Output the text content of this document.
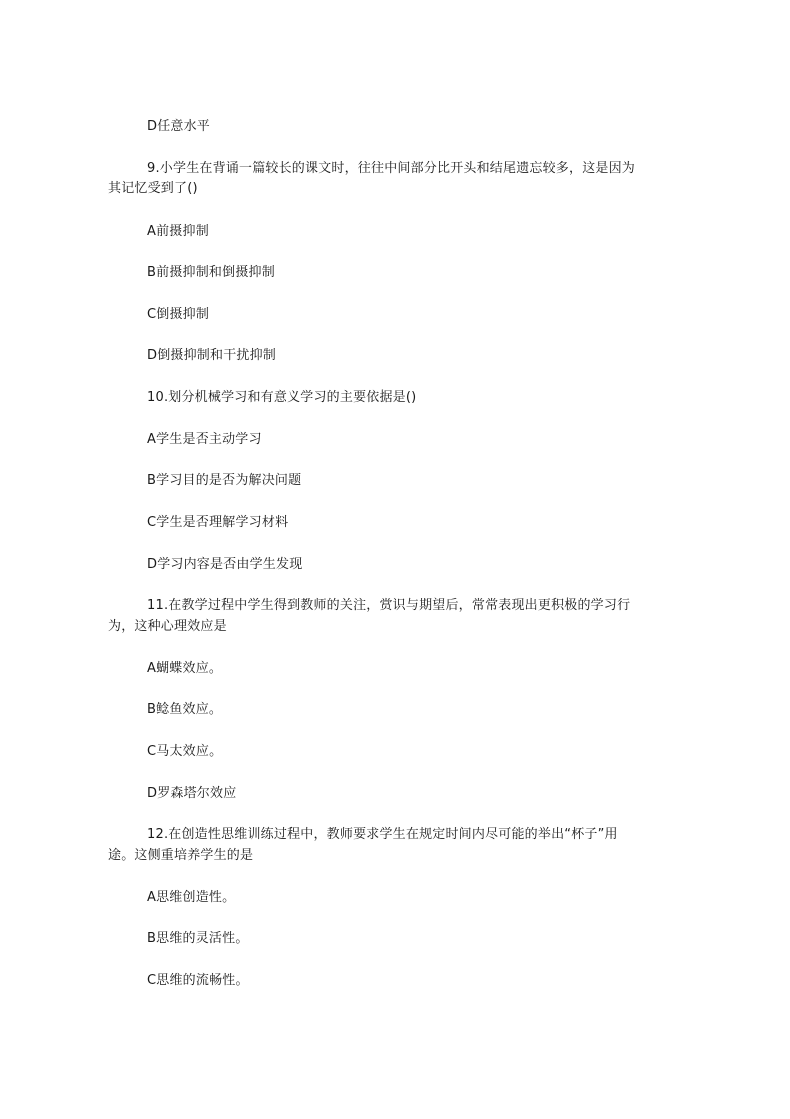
D任意水平
9.小学生在背诵一篇较长的课文时，往往中间部分比开头和结尾遗忘较多，这是因为
其记忆受到了()
A前摄抑制
B前摄抑制和倒摄抑制
C倒摄抑制
D倒摄抑制和干扰抑制
10.划分机械学习和有意义学习的主要依据是()
A学生是否主动学习
B学习目的是否为解决问题
C学生是否理解学习材料
D学习内容是否由学生发现
11.在教学过程中学生得到教师的关注，赏识与期望后，常常表现出更积极的学习行
为，这种心理效应是
A蝴蝶效应。
B鲶鱼效应。
C马太效应。
D罗森塔尔效应
12.在创造性思维训练过程中，教师要求学生在规定时间内尽可能的举出“杯子”用
途。这侧重培养学生的是
A思维创造性。
B思维的灵活性。
C思维的流畅性。
